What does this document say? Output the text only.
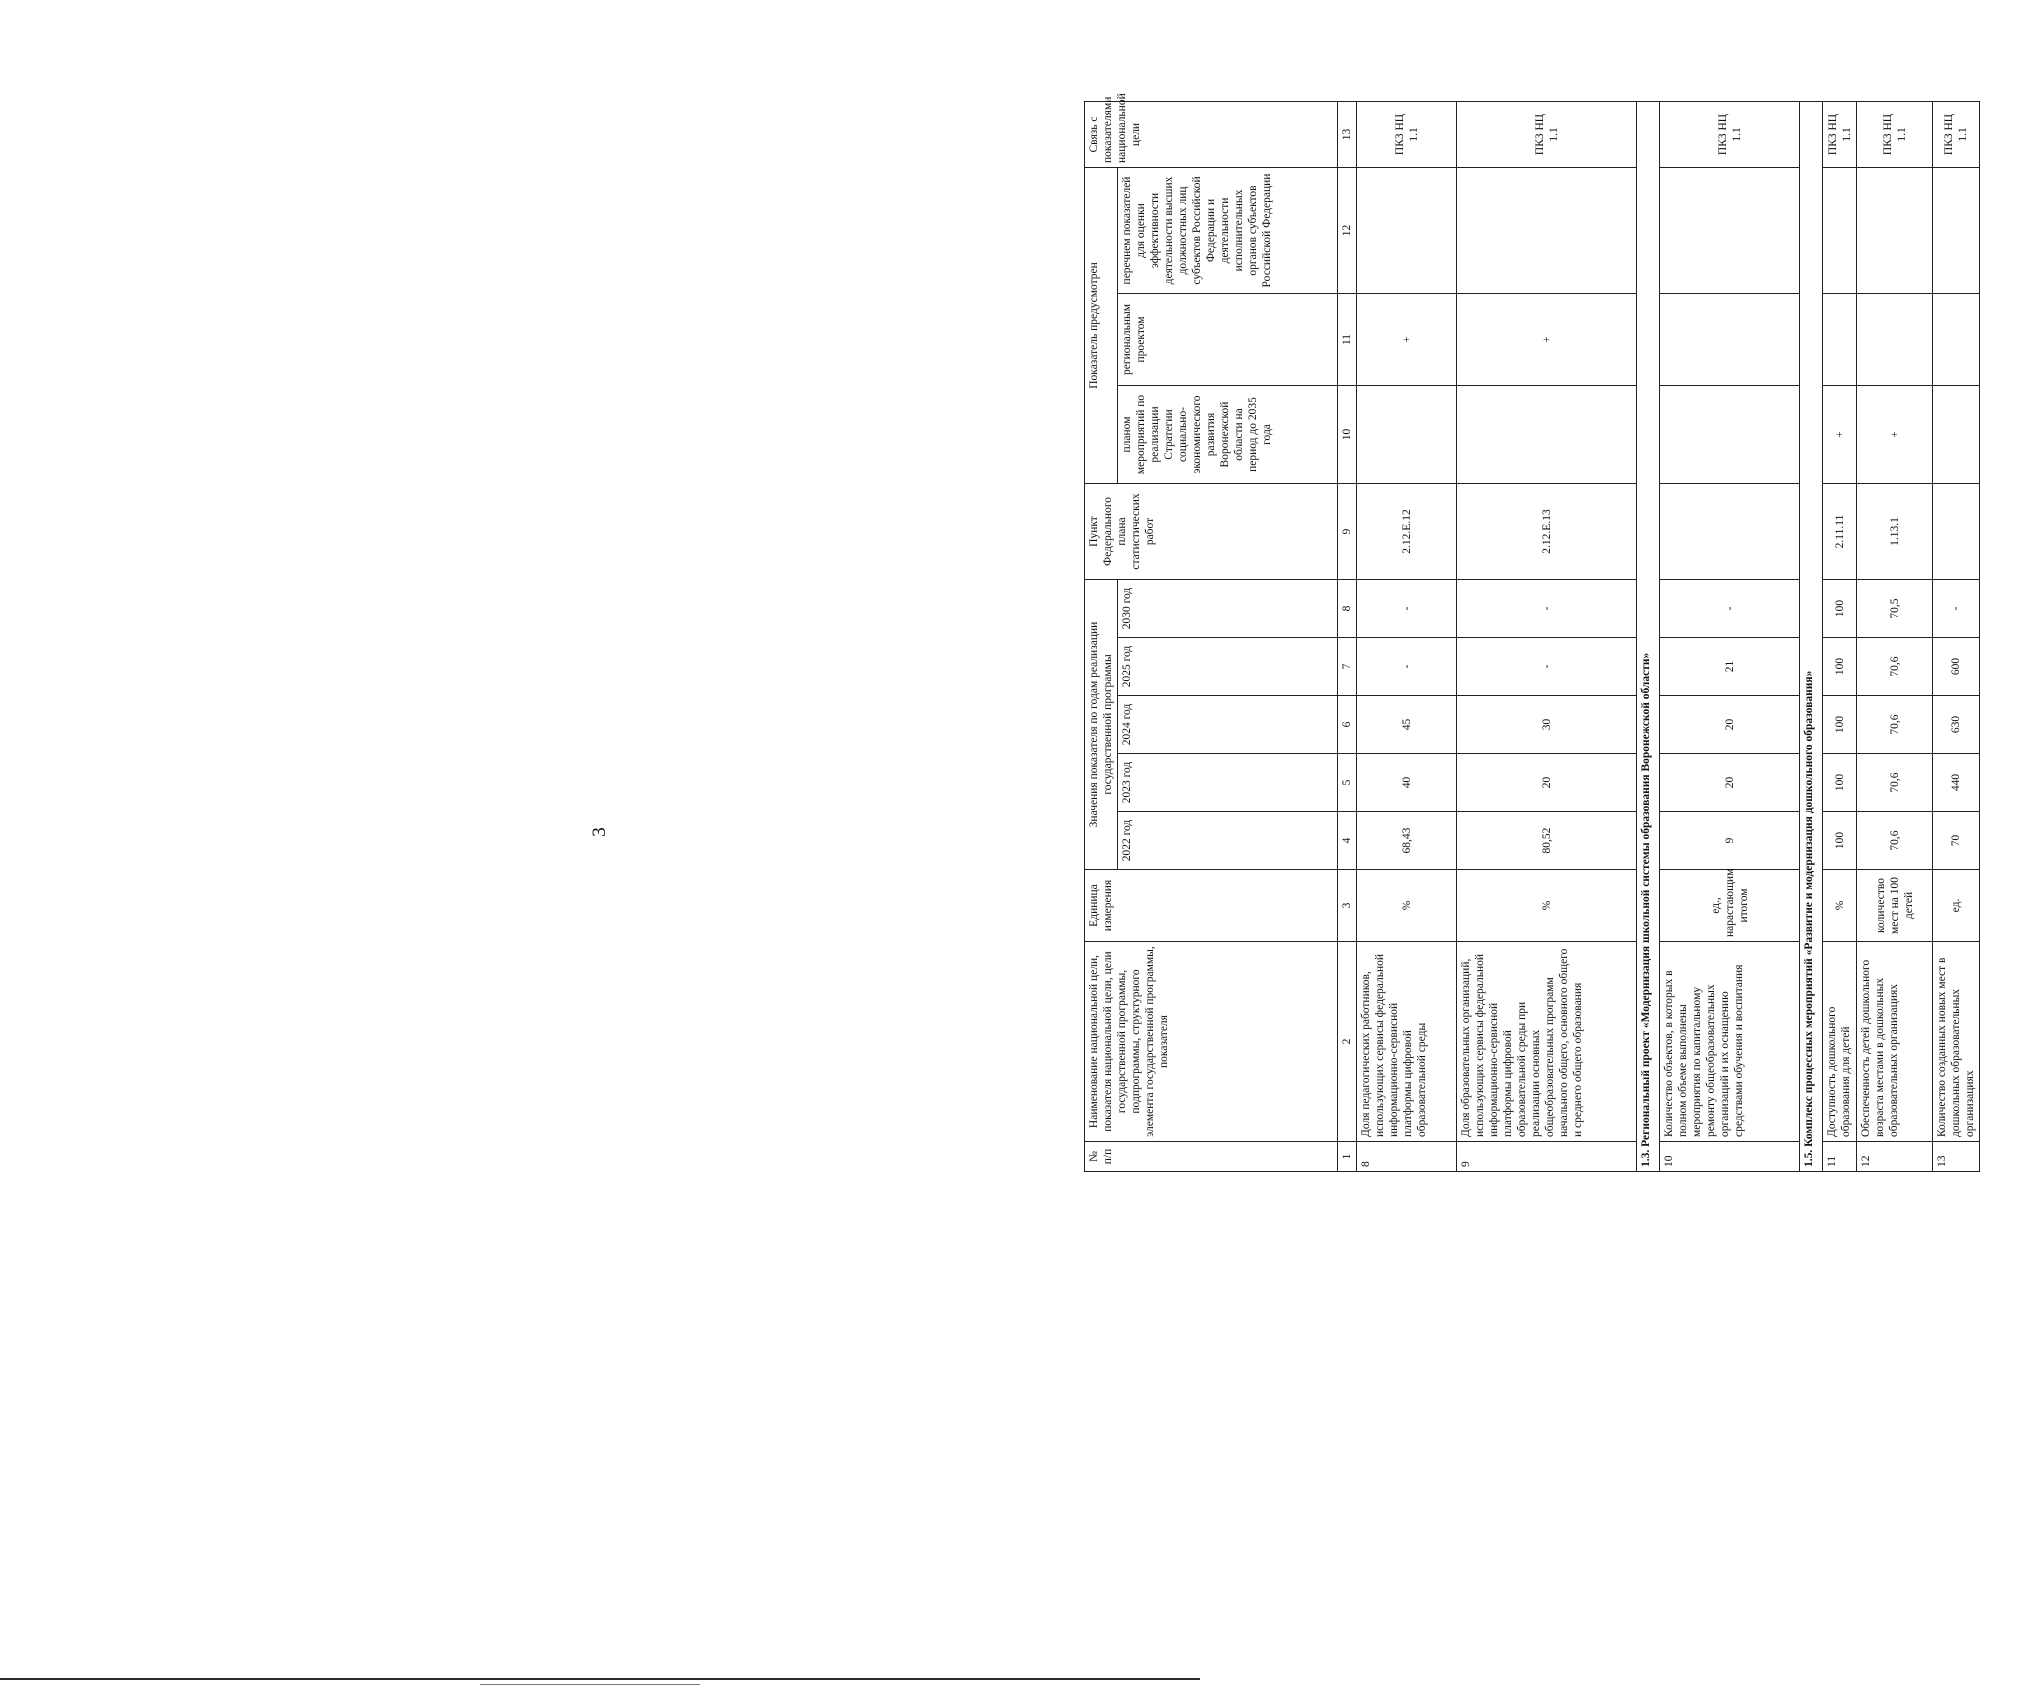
3
№ п/п	Наименование национальной цели, показателя национальной цели, цели государственной программы, подпрограммы, структурного элемента государственной программы, показателя	Единица измерения	Значения показателя по годам реализации государственной программы					Пункт Федерального плана статистических работ	Показатель предусмотрен			Связь с показателями национальной цели
			2022 год	2023 год	2024 год	2025 год	2030 год		планом мероприятий по реализации Стратегии социально-экономического развития Воронежской области на период до 2035 года	региональным проектом	перечнем показателей для оценки эффективности деятельности высших должностных лиц субъектов Российской Федерации и деятельности исполнительных органов субъектов Российской Федерации	
1	2	3	4	5	6	7	8	9	10	11	12	13
8	Доля педагогических работников, использующих сервисы федеральной информационно-сервисной платформы цифровой образовательной среды	%	68,43	40	45	-	-	2.12.Е.12		+		ПКЗ НЦ 1.1
9	Доля образовательных организаций, использующих сервисы федеральной информационно-сервисной платформы цифровой образовательной среды при реализации основных общеобразовательных программ начального общего, основного общего и среднего общего образования	%	80,52	20	30	-	-	2.12.Е.13		+		ПКЗ НЦ 1.1
1.3. Региональный проект «Модернизация школьной системы образования Воронежской области»												
10	Количество объектов, в которых в полном объеме выполнены мероприятия по капитальному ремонту общеобразовательных организаций и их оснащению средствами обучения и воспитания	ед., нарастающим итогом	9	20	20	21	-					ПКЗ НЦ 1.1
1.5. Комплекс процессных мероприятий «Развитие и модернизация дошкольного образования»												
11	Доступность дошкольного образования для детей	%	100	100	100	100	100	2.11.11	+			ПКЗ НЦ 1.1
12	Обеспеченность детей дошкольного возраста местами в дошкольных образовательных организациях	количество мест на 100 детей	70,6	70,6	70,6	70,6	70,5	1.13.1	+			ПКЗ НЦ 1.1
13	Количество созданных новых мест в дошкольных образовательных организациях	ед.	70	440	630	600	-					ПКЗ НЦ 1.1
